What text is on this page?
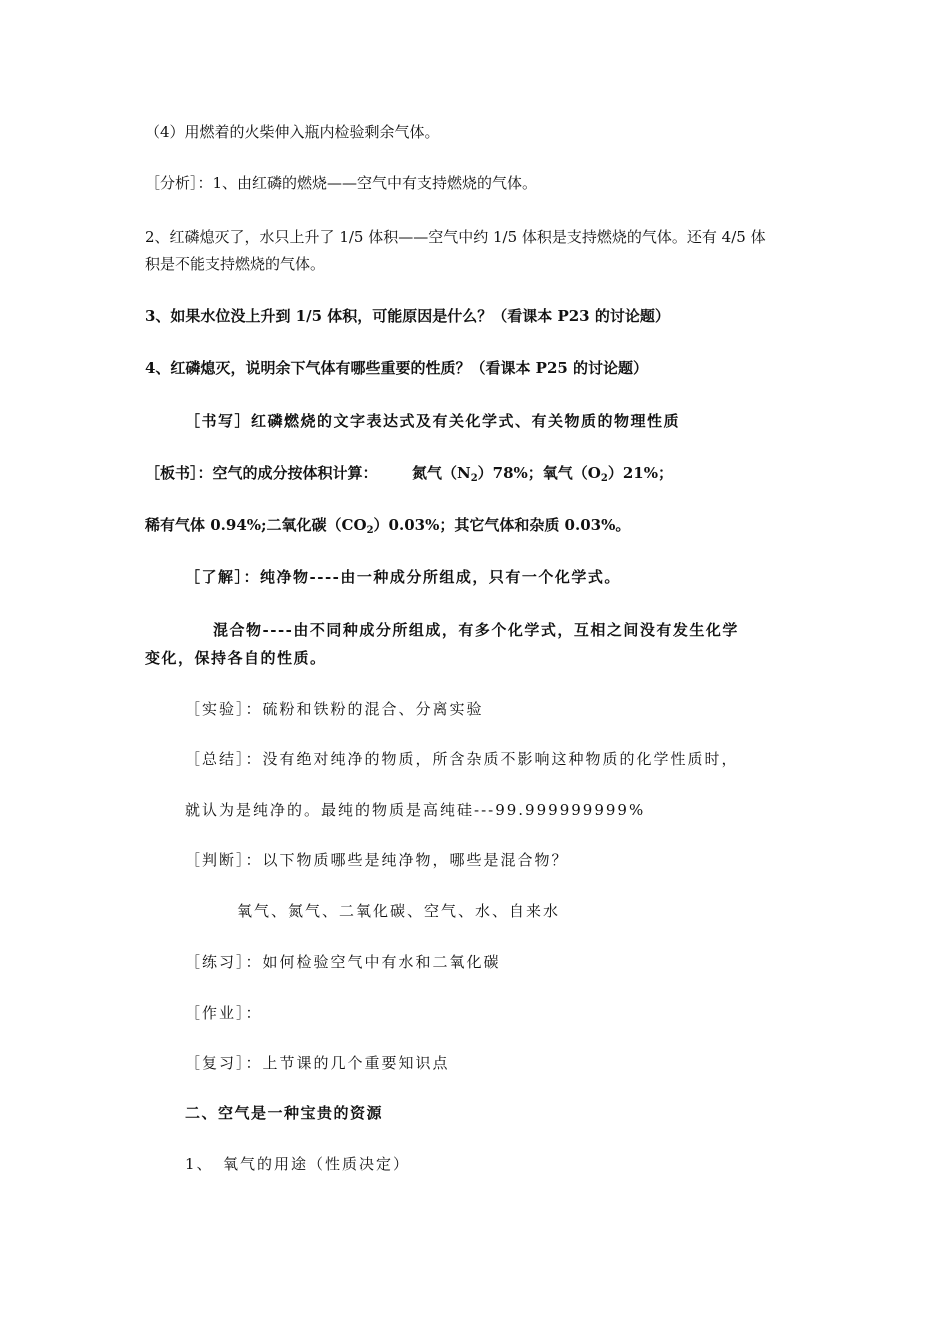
（4）用燃着的火柴伸入瓶内检验剩余气体。
［分析］：1、由红磷的燃烧——空气中有支持燃烧的气体。
2、红磷熄灭了，水只上升了 1/5 体积——空气中约 1/5 体积是支持燃烧的气体。还有 4/5 体
积是不能支持燃烧的气体。
3、如果水位没上升到 1/5 体积，可能原因是什么？（看课本 P23 的讨论题）
4、红磷熄灭，说明余下气体有哪些重要的性质？（看课本 P25 的讨论题）
［书写］红磷燃烧的文字表达式及有关化学式、有关物质的物理性质
［板书］：空气的成分按体积计算： 氮气$(N_2)78\%$；氧气$(O_2)21\%$；
稀有气体 0.94%;二氧化碳$(CO_2)0.03\%$；其它气体和杂质 0.03%。
［了解］：纯净物----由一种成分所组成，只有一个化学式。
混合物----由不同种成分所组成，有多个化学式，互相之间没有发生化学
变化，保持各自的性质。
［实验］：硫粉和铁粉的混合、分离实验
［总结］：没有绝对纯净的物质，所含杂质不影响这种物质的化学性质时，
就认为是纯净的。最纯的物质是高纯硅---99.999999999%
［判断］：以下物质哪些是纯净物，哪些是混合物？
氧气、氮气、二氧化碳、空气、水、自来水
［练习］：如何检验空气中有水和二氧化碳
［作业］：
［复习］：上节课的几个重要知识点
二、空气是一种宝贵的资源
1、　氧气的用途（性质决定）
